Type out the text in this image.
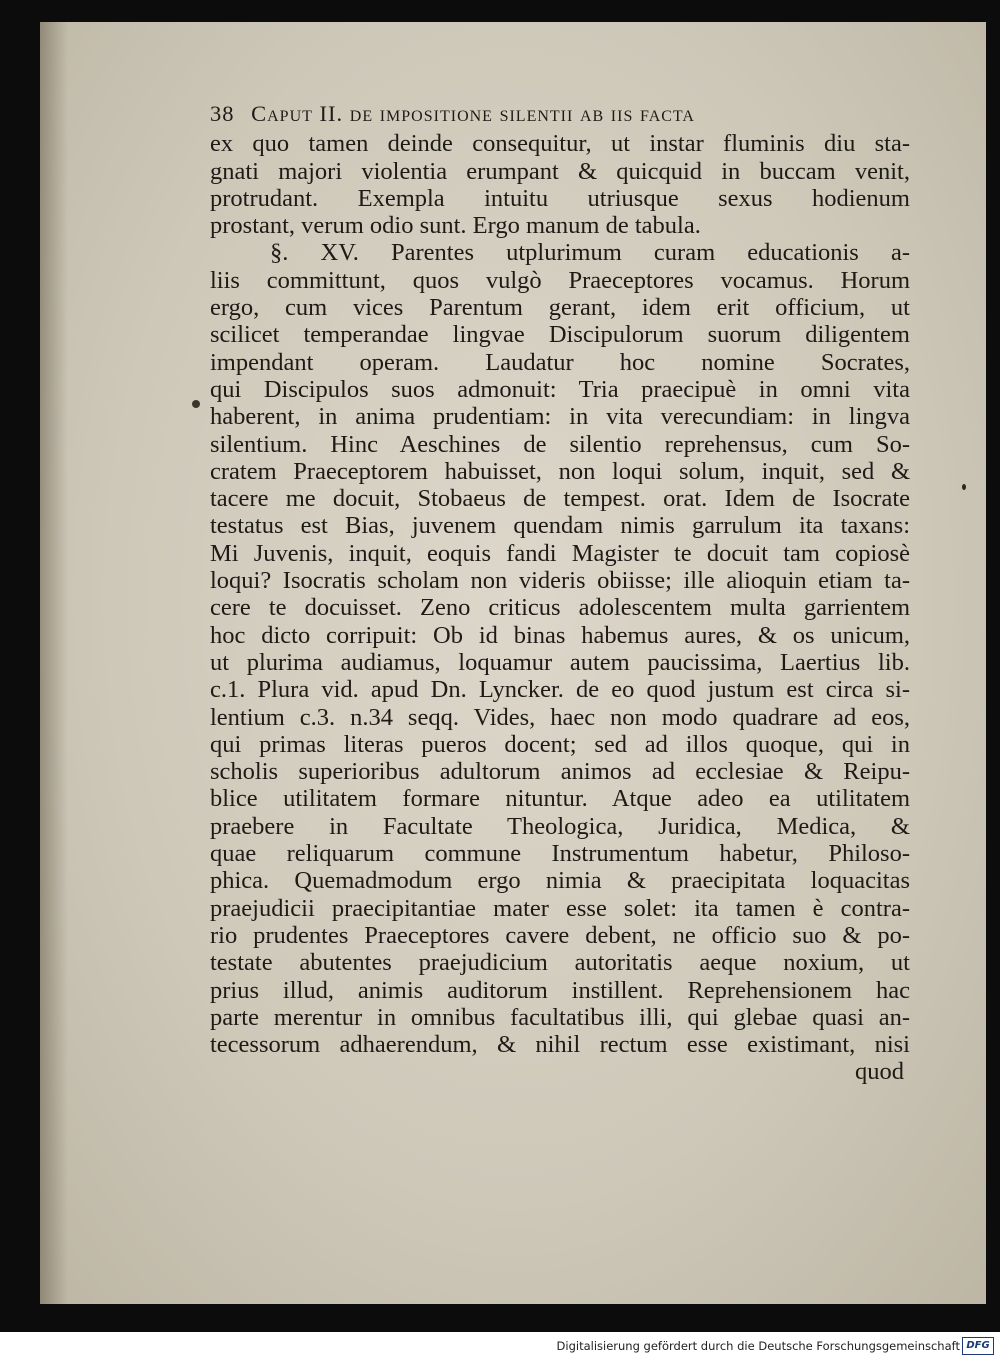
38 Caput II. de impositione silentii ab iis facta
ex quo tamen deinde consequitur, ut instar fluminis diu sta-
gnati majori violentia erumpant & quicquid in buccam venit,
protrudant. Exempla intuitu utriusque sexus hodienum
prostant, verum odio sunt. Ergo manum de tabula.
§. XV. Parentes utplurimum curam educationis a-
liis committunt, quos vulgò Praeceptores vocamus. Horum
ergo, cum vices Parentum gerant, idem erit officium, ut
scilicet temperandae lingvae Discipulorum suorum diligentem
impendant operam. Laudatur hoc nomine Socrates,
qui Discipulos suos admonuit: Tria praecipuè in omni vita
haberent, in anima prudentiam: in vita verecundiam: in lingva
silentium. Hinc Aeschines de silentio reprehensus, cum So-
cratem Praeceptorem habuisset, non loqui solum, inquit, sed &
tacere me docuit, Stobaeus de tempest. orat. Idem de Isocrate
testatus est Bias, juvenem quendam nimis garrulum ita taxans:
Mi Juvenis, inquit, eoquis fandi Magister te docuit tam copiosè
loqui? Isocratis scholam non videris obiisse; ille alioquin etiam ta-
cere te docuisset. Zeno criticus adolescentem multa garrientem
hoc dicto corripuit: Ob id binas habemus aures, & os unicum,
ut plurima audiamus, loquamur autem paucissima, Laertius lib.
c.1. Plura vid. apud Dn. Lyncker. de eo quod justum est circa si-
lentium c.3. n.34 seqq. Vides, haec non modo quadrare ad eos,
qui primas literas pueros docent; sed ad illos quoque, qui in
scholis superioribus adultorum animos ad ecclesiae & Reipu-
blice utilitatem formare nituntur. Atque adeo ea utilitatem
praebere in Facultate Theologica, Juridica, Medica, &
quae reliquarum commune Instrumentum habetur, Philoso-
phica. Quemadmodum ergo nimia & praecipitata loquacitas
praejudicii praecipitantiae mater esse solet: ita tamen è contra-
rio prudentes Praeceptores cavere debent, ne officio suo & po-
testate abutentes praejudicium autoritatis aeque noxium, ut
prius illud, animis auditorum instillent. Reprehensionem hac
parte merentur in omnibus facultatibus illi, qui glebae quasi an-
tecessorum adhaerendum, & nihil rectum esse existimant, nisi
quod
Digitalisierung gefördert durch die Deutsche Forschungsgemeinschaft DFG
